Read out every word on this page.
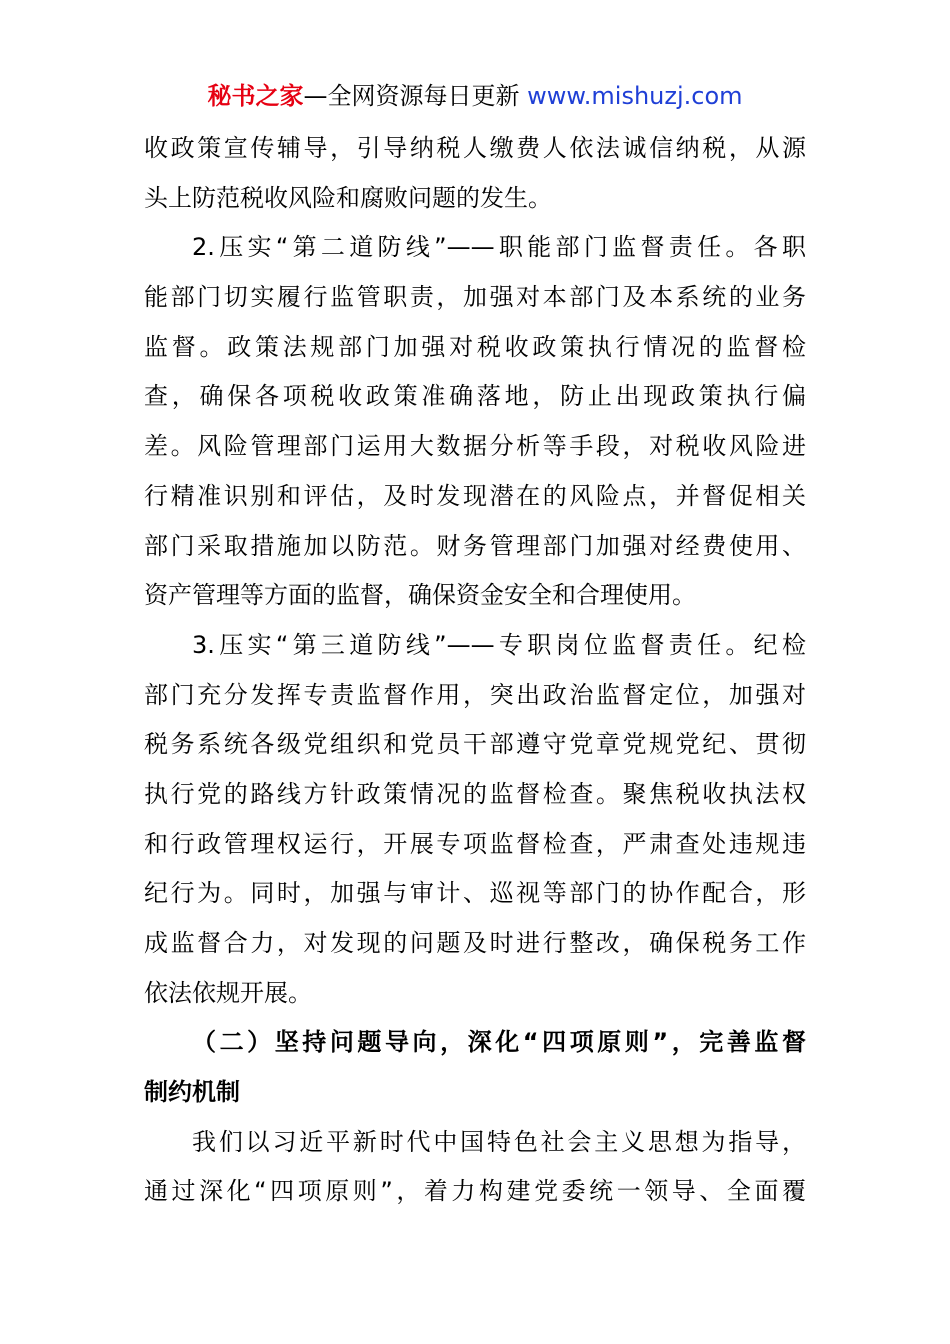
秘书之家—全网资源每日更新 www.mishuzj.com
收政策宣传辅导，引导纳税人缴费人依法诚信纳税，从源
头上防范税收风险和腐败问题的发生。
2.压实“第二道防线”——职能部门监督责任。各职
能部门切实履行监管职责，加强对本部门及本系统的业务
监督。政策法规部门加强对税收政策执行情况的监督检
查，确保各项税收政策准确落地，防止出现政策执行偏
差。风险管理部门运用大数据分析等手段，对税收风险进
行精准识别和评估，及时发现潜在的风险点，并督促相关
部门采取措施加以防范。财务管理部门加强对经费使用、
资产管理等方面的监督，确保资金安全和合理使用。
3.压实“第三道防线”——专职岗位监督责任。纪检
部门充分发挥专责监督作用，突出政治监督定位，加强对
税务系统各级党组织和党员干部遵守党章党规党纪、贯彻
执行党的路线方针政策情况的监督检查。聚焦税收执法权
和行政管理权运行，开展专项监督检查，严肃查处违规违
纪行为。同时，加强与审计、巡视等部门的协作配合，形
成监督合力，对发现的问题及时进行整改，确保税务工作
依法依规开展。
（二）坚持问题导向，深化“四项原则”，完善监督
制约机制
我们以习近平新时代中国特色社会主义思想为指导，
通过深化“四项原则”，着力构建党委统一领导、全面覆
